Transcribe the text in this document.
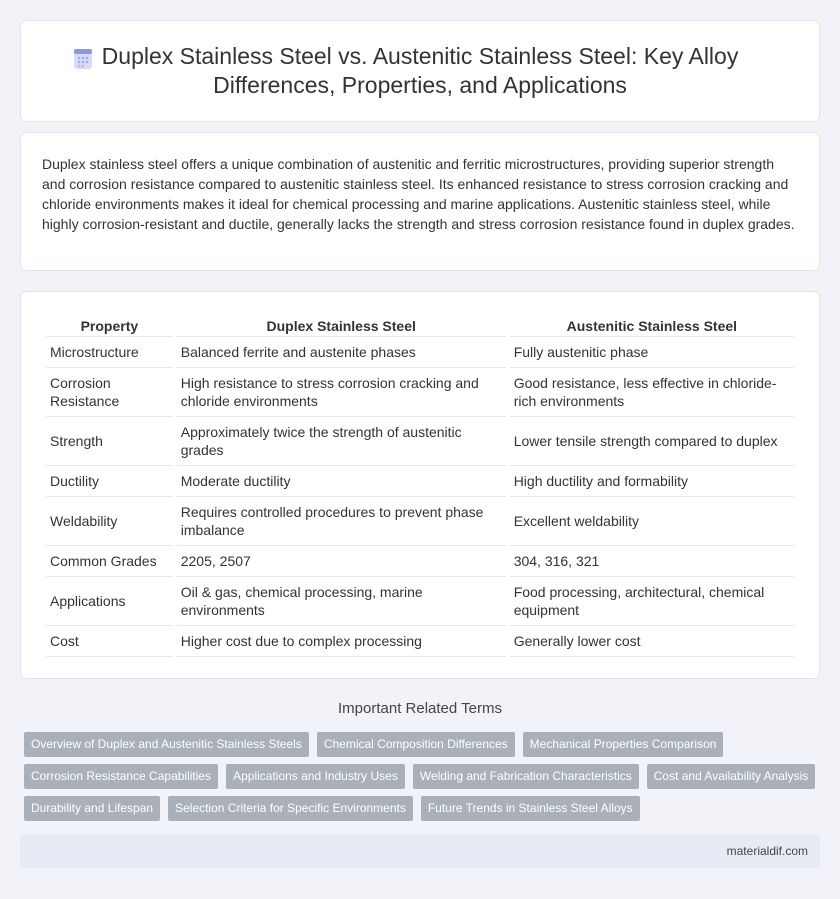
Duplex Stainless Steel vs. Austenitic Stainless Steel: Key Alloy Differences, Properties, and Applications

Duplex stainless steel offers a unique combination of austenitic and ferritic microstructures, providing superior strength and corrosion resistance compared to austenitic stainless steel. Its enhanced resistance to stress corrosion cracking and chloride environments makes it ideal for chemical processing and marine applications. Austenitic stainless steel, while highly corrosion-resistant and ductile, generally lacks the strength and stress corrosion resistance found in duplex grades.

Property	Duplex Stainless Steel	Austenitic Stainless Steel
Microstructure	Balanced ferrite and austenite phases	Fully austenitic phase
Corrosion Resistance	High resistance to stress corrosion cracking and chloride environments	Good resistance, less effective in chloride-rich environments
Strength	Approximately twice the strength of austenitic grades	Lower tensile strength compared to duplex
Ductility	Moderate ductility	High ductility and formability
Weldability	Requires controlled procedures to prevent phase imbalance	Excellent weldability
Common Grades	2205, 2507	304, 316, 321
Applications	Oil & gas, chemical processing, marine environments	Food processing, architectural, chemical equipment
Cost	Higher cost due to complex processing	Generally lower cost
Important Related Terms
Overview of Duplex and Austenitic Stainless Steels	Chemical Composition Differences	Mechanical Properties Comparison
Corrosion Resistance Capabilities	Applications and Industry Uses	Welding and Fabrication Characteristics	Cost and Availability Analysis
Durability and Lifespan	Selection Criteria for Specific Environments	Future Trends in Stainless Steel Alloys
materialdif.com
